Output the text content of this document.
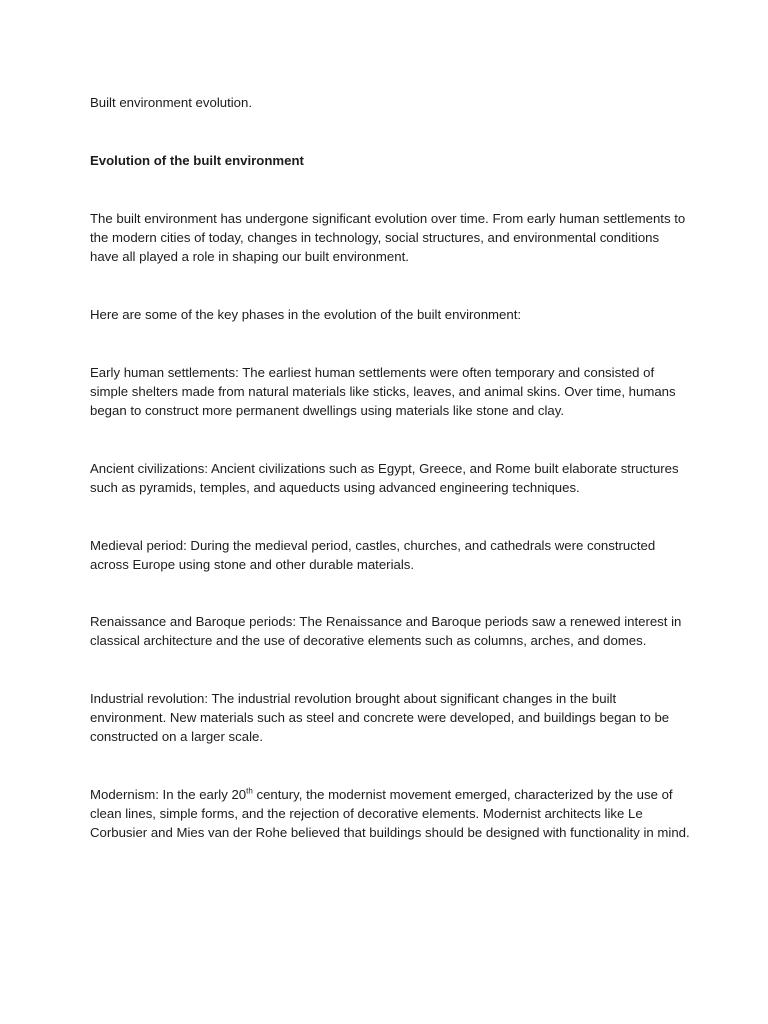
Built environment evolution.

Evolution of the built environment

The built environment has undergone significant evolution over time. From early human settlements to the modern cities of today, changes in technology, social structures, and environmental conditions have all played a role in shaping our built environment.

Here are some of the key phases in the evolution of the built environment:

Early human settlements: The earliest human settlements were often temporary and consisted of simple shelters made from natural materials like sticks, leaves, and animal skins. Over time, humans began to construct more permanent dwellings using materials like stone and clay.

Ancient civilizations: Ancient civilizations such as Egypt, Greece, and Rome built elaborate structures such as pyramids, temples, and aqueducts using advanced engineering techniques.

Medieval period: During the medieval period, castles, churches, and cathedrals were constructed across Europe using stone and other durable materials.

Renaissance and Baroque periods: The Renaissance and Baroque periods saw a renewed interest in classical architecture and the use of decorative elements such as columns, arches, and domes.

Industrial revolution: The industrial revolution brought about significant changes in the built environment. New materials such as steel and concrete were developed, and buildings began to be constructed on a larger scale.

Modernism: In the early 20th century, the modernist movement emerged, characterized by the use of clean lines, simple forms, and the rejection of decorative elements. Modernist architects like Le Corbusier and Mies van der Rohe believed that buildings should be designed with functionality in mind.
